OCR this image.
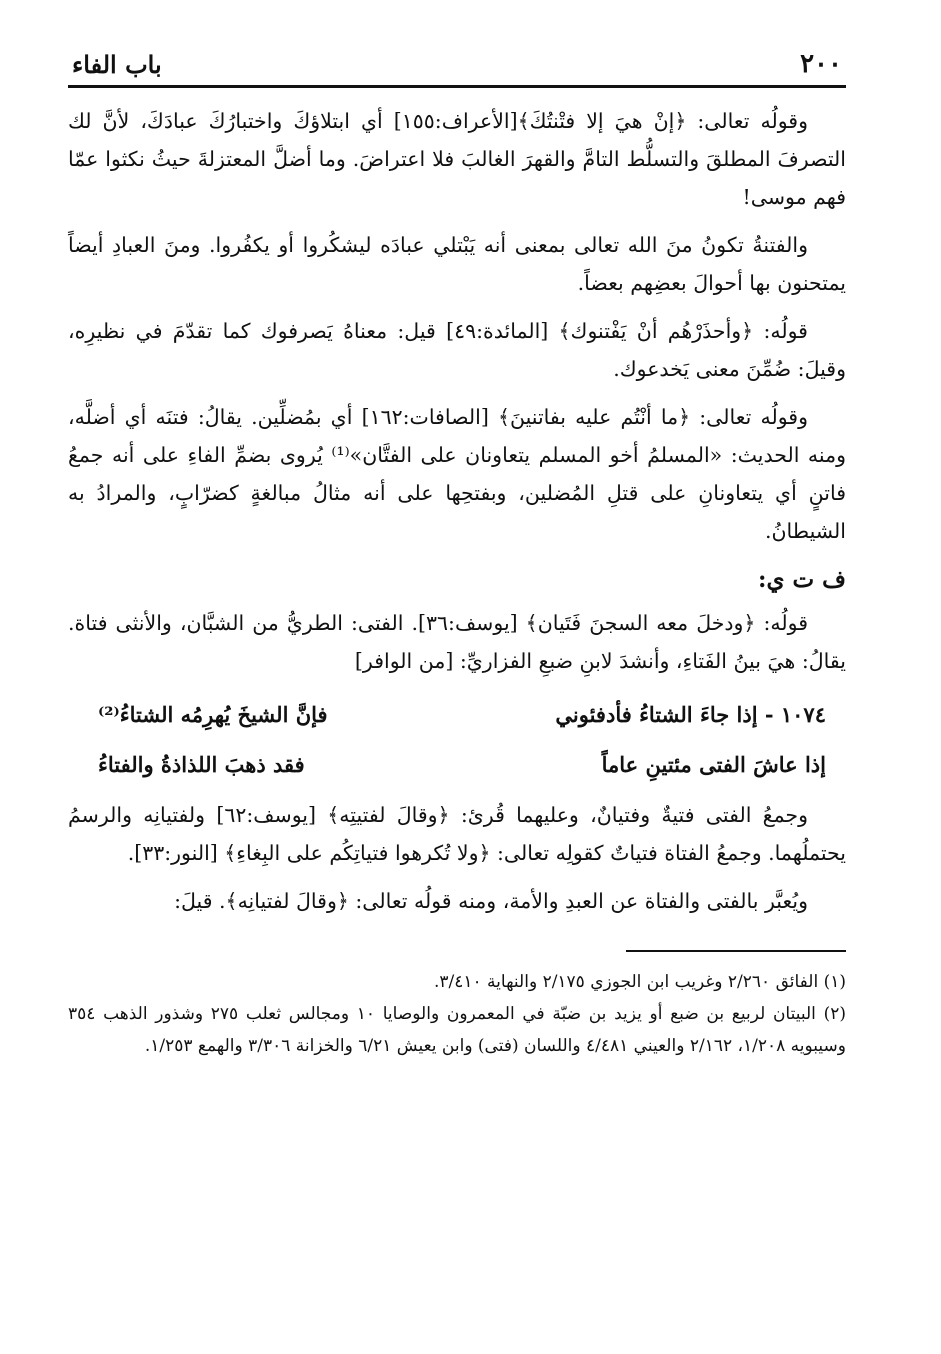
٢٠٠
باب الفاء

وقولُه تعالى: ﴿إنْ هيَ إلا فتْنتُكَ﴾[الأعراف:١٥٥] أي ابتلاؤكَ واختبارُكَ عبادَكَ، لأنَّ لك التصرفَ المطلقَ والتسلُّط التامَّ والقهرَ الغالبَ فلا اعتراضَ. وما أضلَّ المعتزلةَ حيثُ نكثوا عمّا فهم موسى!

والفتنةُ تكونُ منَ الله تعالى بمعنى أنه يَبْتلي عبادَه ليشكُروا أو يكفُروا. ومنَ العبادِ أيضاً يمتحنون بها أحوالَ بعضِهم بعضاً.

قولُه: ﴿وأحذَرْهُم أنْ يَفْتنوك﴾ [المائدة:٤٩] قيل: معناهُ يَصرفوك كما تقدّمَ في نظيرِه، وقيلَ: ضُمِّنَ معنى يَخدعوك.

وقولُه تعالى: ﴿ما أنْتُم عليه بفاتنينَ﴾ [الصافات:١٦٢] أي بمُضلِّين. يقالُ: فتنَه أي أضلَّه، ومنه الحديث: «المسلمُ أخو المسلم يتعاونان على الفتَّان»⁽¹⁾ يُروى بضمِّ الفاءِ على أنه جمعُ فاتنٍ أي يتعاونانِ على قتلِ المُضلين، وبفتحِها على أنه مثالُ مبالغةٍ كضرّابٍ، والمرادُ به الشيطانُ.

ف ت ي:

قولُه: ﴿ودخلَ معه السجنَ فَتَيان﴾ [يوسف:٣٦]. الفتى: الطريُّ من الشبَّان، والأنثى فتاة. يقالُ: هيَ بينُ الفَتاءِ، وأنشدَ لابنِ ضبعِ الفزاريِّ: [من الوافر]

١٠٧٤ - إذا جاءَ الشتاءُ فأدفئوني
فإنَّ الشيخَ يُهرِمُه الشتاءُ⁽²⁾
إذا عاشَ الفتى مئتينِ عاماً
فقد ذهبَ اللذاذةُ والفتاءُ

وجمعُ الفتى فتيةٌ وفتيانٌ، وعليهما قُرئ: ﴿وقالَ لفتيتِه﴾ [يوسف:٦٢] ولفتيانِه والرسمُ يحتملُهما. وجمعُ الفتاة فتياتٌ كقولِه تعالى: ﴿ولا تُكرهوا فتياتِكُم على البِغاءِ﴾ [النور:٣٣].

ويُعبَّر بالفتى والفتاة عن العبدِ والأمة، ومنه قولُه تعالى: ﴿وقالَ لفتيانِه﴾. قيلَ:

(١) الفائق ٢/٢٦٠ وغريب ابن الجوزي ٢/١٧٥ والنهاية ٣/٤١٠.

(٢) البيتان لربيع بن ضبع أو يزيد بن ضبّة في المعمرون والوصايا ١٠ ومجالس ثعلب ٢٧٥ وشذور الذهب ٣٥٤ وسيبويه ١/٢٠٨، ٢/١٦٢ والعيني ٤/٤٨١ واللسان (فتى) وابن يعيش ٦/٢١ والخزانة ٣/٣٠٦ والهمع ١/٢٥٣.
